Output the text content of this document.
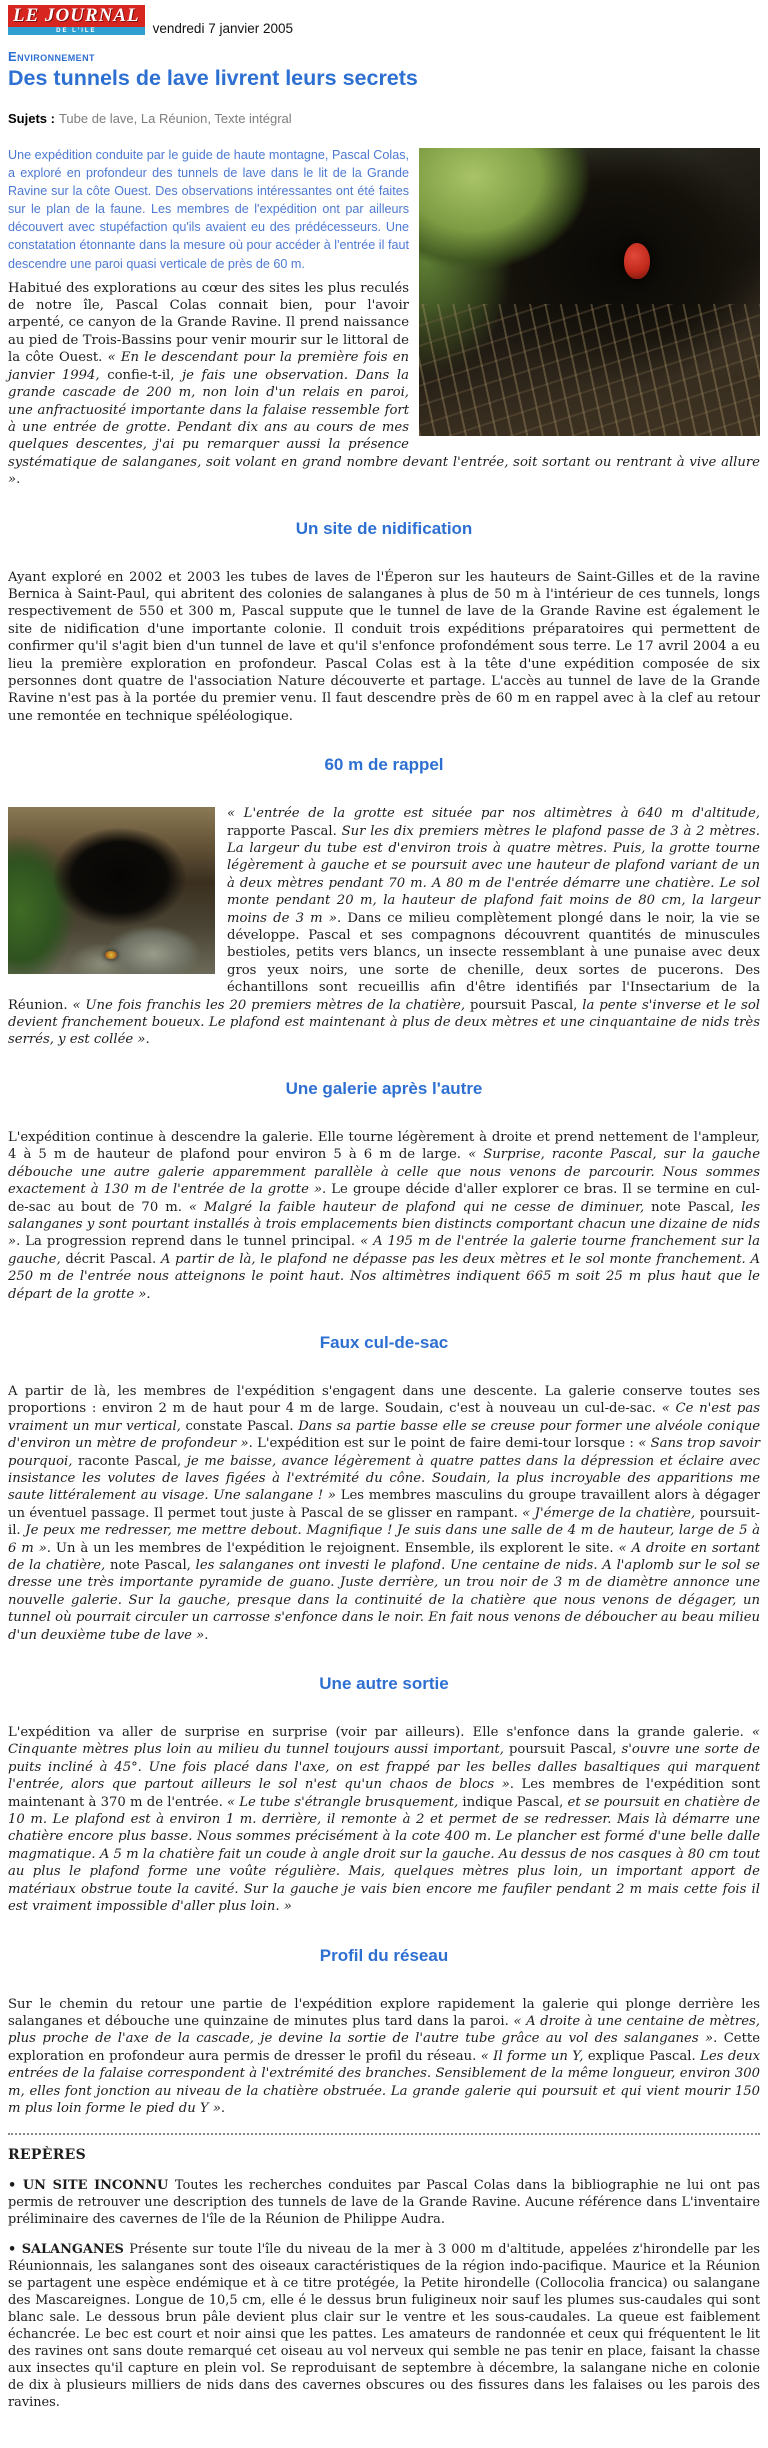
LE JOURNAL
DE L'ILE	vendredi 7 janvier 2005
Environnement
Des tunnels de lave livrent leurs secrets

Sujets : Tube de lave, La Réunion, Texte intégral

Une expédition conduite par le guide de haute montagne, Pascal Colas, a exploré en profondeur des tunnels de lave dans le lit de la Grande Ravine sur la côte Ouest. Des observations intéressantes ont été faites sur le plan de la faune. Les membres de l'expédition ont par ailleurs découvert avec stupéfaction qu'ils avaient eu des prédécesseurs. Une constatation étonnante dans la mesure où pour accéder à l'entrée il faut descendre une paroi quasi verticale de près de 60 m.

Habitué des explorations au cœur des sites les plus reculés de notre île, Pascal Colas connait bien, pour l'avoir arpenté, ce canyon de la Grande Ravine. Il prend naissance au pied de Trois-Bassins pour venir mourir sur le littoral de la côte Ouest. « En le descendant pour la première fois en janvier 1994, confie-t-il, je fais une observation. Dans la grande cascade de 200 m, non loin d'un relais en paroi, une anfractuosité importante dans la falaise ressemble fort à une entrée de grotte. Pendant dix ans au cours de mes quelques descentes, j'ai pu remarquer aussi la présence systématique de salanganes, soit volant en grand nombre devant l'entrée, soit sortant ou rentrant à vive allure ».

Un site de nidification

Ayant exploré en 2002 et 2003 les tubes de laves de l'Éperon sur les hauteurs de Saint-Gilles et de la ravine Bernica à Saint-Paul, qui abritent des colonies de salanganes à plus de 50 m à l'intérieur de ces tunnels, longs respectivement de 550 et 300 m, Pascal suppute que le tunnel de lave de la Grande Ravine est également le site de nidification d'une importante colonie. Il conduit trois expéditions préparatoires qui permettent de confirmer qu'il s'agit bien d'un tunnel de lave et qu'il s'enfonce profondément sous terre. Le 17 avril 2004 a eu lieu la première exploration en profondeur. Pascal Colas est à la tête d'une expédition composée de six personnes dont quatre de l'association Nature découverte et partage. L'accès au tunnel de lave de la Grande Ravine n'est pas à la portée du premier venu. Il faut descendre près de 60 m en rappel avec à la clef au retour une remontée en technique spéléologique.

60 m de rappel

« L'entrée de la grotte est située par nos altimètres à 640 m d'altitude, rapporte Pascal. Sur les dix premiers mètres le plafond passe de 3 à 2 mètres. La largeur du tube est d'environ trois à quatre mètres. Puis, la grotte tourne légèrement à gauche et se poursuit avec une hauteur de plafond variant de un à deux mètres pendant 70 m. A 80 m de l'entrée démarre une chatière. Le sol monte pendant 20 m, la hauteur de plafond fait moins de 80 cm, la largeur moins de 3 m ». Dans ce milieu complètement plongé dans le noir, la vie se développe. Pascal et ses compagnons découvrent quantités de minuscules bestioles, petits vers blancs, un insecte ressemblant à une punaise avec deux gros yeux noirs, une sorte de chenille, deux sortes de pucerons. Des échantillons sont recueillis afin d'être identifiés par l'Insectarium de la Réunion. « Une fois franchis les 20 premiers mètres de la chatière, poursuit Pascal, la pente s'inverse et le sol devient franchement boueux. Le plafond est maintenant à plus de deux mètres et une cinquantaine de nids très serrés, y est collée ».

Une galerie après l'autre

L'expédition continue à descendre la galerie. Elle tourne légèrement à droite et prend nettement de l'ampleur, 4 à 5 m de hauteur de plafond pour environ 5 à 6 m de large. « Surprise, raconte Pascal, sur la gauche débouche une autre galerie apparemment parallèle à celle que nous venons de parcourir. Nous sommes exactement à 130 m de l'entrée de la grotte ». Le groupe décide d'aller explorer ce bras. Il se termine en cul-de-sac au bout de 70 m. « Malgré la faible hauteur de plafond qui ne cesse de diminuer, note Pascal, les salanganes y sont pourtant installés à trois emplacements bien distincts comportant chacun une dizaine de nids ». La progression reprend dans le tunnel principal. « A 195 m de l'entrée la galerie tourne franchement sur la gauche, décrit Pascal. A partir de là, le plafond ne dépasse pas les deux mètres et le sol monte franchement. A 250 m de l'entrée nous atteignons le point haut. Nos altimètres indiquent 665 m soit 25 m plus haut que le départ de la grotte ».

Faux cul-de-sac

A partir de là, les membres de l'expédition s'engagent dans une descente. La galerie conserve toutes ses proportions : environ 2 m de haut pour 4 m de large. Soudain, c'est à nouveau un cul-de-sac. « Ce n'est pas vraiment un mur vertical, constate Pascal. Dans sa partie basse elle se creuse pour former une alvéole conique d'environ un mètre de profondeur ». L'expédition est sur le point de faire demi-tour lorsque : « Sans trop savoir pourquoi, raconte Pascal, je me baisse, avance légèrement à quatre pattes dans la dépression et éclaire avec insistance les volutes de laves figées à l'extrémité du cône. Soudain, la plus incroyable des apparitions me saute littéralement au visage. Une salangane ! » Les membres masculins du groupe travaillent alors à dégager un éventuel passage. Il permet tout juste à Pascal de se glisser en rampant. « J'émerge de la chatière, poursuit-il. Je peux me redresser, me mettre debout. Magnifique ! Je suis dans une salle de 4 m de hauteur, large de 5 à 6 m ». Un à un les membres de l'expédition le rejoignent. Ensemble, ils explorent le site. « A droite en sortant de la chatière, note Pascal, les salanganes ont investi le plafond. Une centaine de nids. A l'aplomb sur le sol se dresse une très importante pyramide de guano. Juste derrière, un trou noir de 3 m de diamètre annonce une nouvelle galerie. Sur la gauche, presque dans la continuité de la chatière que nous venons de dégager, un tunnel où pourrait circuler un carrosse s'enfonce dans le noir. En fait nous venons de déboucher au beau milieu d'un deuxième tube de lave ».

Une autre sortie

L'expédition va aller de surprise en surprise (voir par ailleurs). Elle s'enfonce dans la grande galerie. « Cinquante mètres plus loin au milieu du tunnel toujours aussi important, poursuit Pascal, s'ouvre une sorte de puits incliné à 45°. Une fois placé dans l'axe, on est frappé par les belles dalles basaltiques qui marquent l'entrée, alors que partout ailleurs le sol n'est qu'un chaos de blocs ». Les membres de l'expédition sont maintenant à 370 m de l'entrée. « Le tube s'étrangle brusquement, indique Pascal, et se poursuit en chatière de 10 m. Le plafond est à environ 1 m. derrière, il remonte à 2 et permet de se redresser. Mais là démarre une chatière encore plus basse. Nous sommes précisément à la cote 400 m. Le plancher est formé d'une belle dalle magmatique. A 5 m la chatière fait un coude à angle droit sur la gauche. Au dessus de nos casques à 80 cm tout au plus le plafond forme une voûte régulière. Mais, quelques mètres plus loin, un important apport de matériaux obstrue toute la cavité. Sur la gauche je vais bien encore me faufiler pendant 2 m mais cette fois il est vraiment impossible d'aller plus loin. »

Profil du réseau

Sur le chemin du retour une partie de l'expédition explore rapidement la galerie qui plonge derrière les salanganes et débouche une quinzaine de minutes plus tard dans la paroi. « A droite à une centaine de mètres, plus proche de l'axe de la cascade, je devine la sortie de l'autre tube grâce au vol des salanganes ». Cette exploration en profondeur aura permis de dresser le profil du réseau. « Il forme un Y, explique Pascal. Les deux entrées de la falaise correspondent à l'extrémité des branches. Sensiblement de la même longueur, environ 300 m, elles font jonction au niveau de la chatière obstruée. La grande galerie qui poursuit et qui vient mourir 150 m plus loin forme le pied du Y ».

REPÈRES

• UN SITE INCONNU Toutes les recherches conduites par Pascal Colas dans la bibliographie ne lui ont pas permis de retrouver une description des tunnels de lave de la Grande Ravine. Aucune référence dans L'inventaire préliminaire des cavernes de l'île de la Réunion de Philippe Audra.

• SALANGANES Présente sur toute l'île du niveau de la mer à 3 000 m d'altitude, appelées z'hirondelle par les Réunionnais, les salanganes sont des oiseaux caractéristiques de la région indo-pacifique. Maurice et la Réunion se partagent une espèce endémique et à ce titre protégée, la Petite hirondelle (Collocolia francica) ou salangane des Mascareignes. Longue de 10,5 cm, elle é le dessus brun fuligineux noir sauf les plumes sus-caudales qui sont blanc sale. Le dessous brun pâle devient plus clair sur le ventre et les sous-caudales. La queue est faiblement échancrée. Le bec est court et noir ainsi que les pattes. Les amateurs de randonnée et ceux qui fréquentent le lit des ravines ont sans doute remarqué cet oiseau au vol nerveux qui semble ne pas tenir en place, faisant la chasse aux insectes qu'il capture en plein vol. Se reproduisant de septembre à décembre, la salangane niche en colonie de dix à plusieurs milliers de nids dans des cavernes obscures ou des fissures dans les falaises ou les parois des ravines.
